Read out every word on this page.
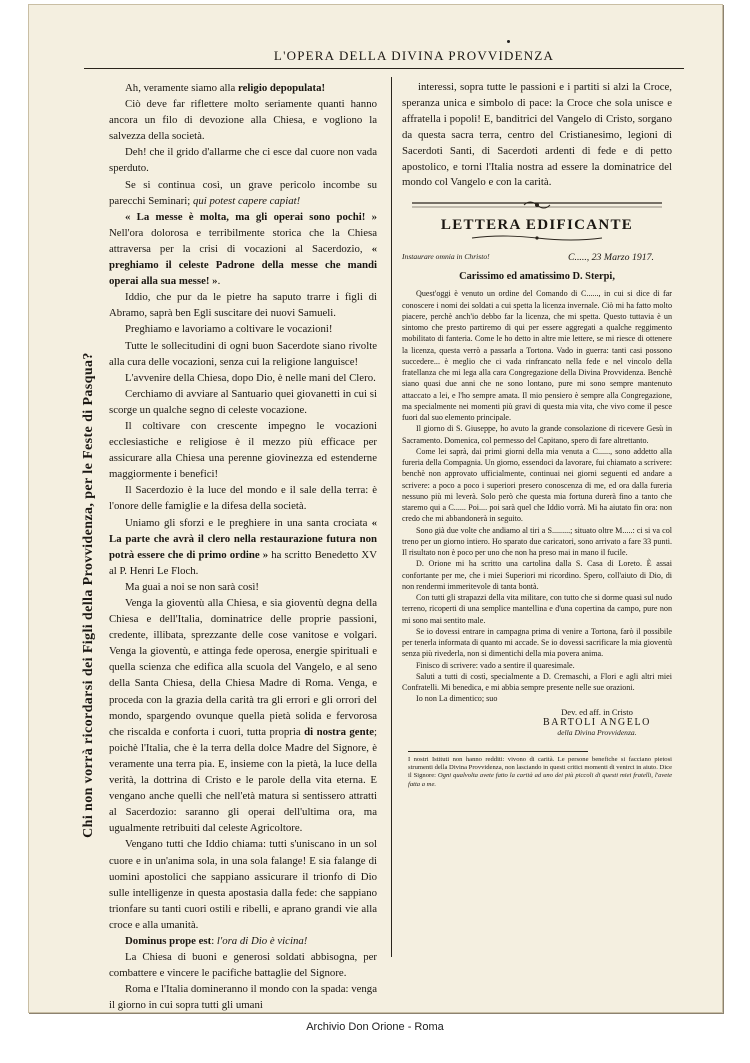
L'OPERA DELLA DIVINA PROVVIDENZA
Chi non vorrà ricordarsi dei Figli della Provvidenza, per le Feste di Pasqua?

Ah, veramente siamo alla religio depopulata!

Ciò deve far riflettere molto seriamente quanti hanno ancora un filo di devozione alla Chiesa, e vogliono la salvezza della società.

Deh! che il grido d'allarme che ci esce dal cuore non vada sperduto.

Se si continua così, un grave pericolo incombe su parecchi Seminari; qui potest capere capiat!

« La messe è molta, ma gli operai sono pochi! » Nell'ora dolorosa e terribilmente storica che la Chiesa attraversa per la crisi di vocazioni al Sacerdozio, « preghiamo il celeste Padrone della messe che mandi operai alla sua messe! ».

Iddio, che pur da le pietre ha saputo trarre i figli di Abramo, saprà ben Egli suscitare dei nuovi Samueli.

Preghiamo e lavoriamo a coltivare le vocazioni!

Tutte le sollecitudini di ogni buon Sacerdote siano rivolte alla cura delle vocazioni, senza cui la religione languisce!

L'avvenire della Chiesa, dopo Dio, è nelle mani del Clero.

Cerchiamo di avviare al Santuario quei giovanetti in cui si scorge un qualche segno di celeste vocazione.

Il coltivare con crescente impegno le vocazioni ecclesiastiche e religiose è il mezzo più efficace per assicurare alla Chiesa una perenne giovinezza ed estenderne maggiormente i benefici!

Il Sacerdozio è la luce del mondo e il sale della terra: è l'onore delle famiglie e la difesa della società.

Uniamo gli sforzi e le preghiere in una santa crociata « La parte che avrà il clero nella restaurazione futura non potrà essere che di primo ordine » ha scritto Benedetto XV al P. Henri Le Floch.

Ma guai a noi se non sarà così!

Venga la gioventù alla Chiesa, e sia gioventù degna della Chiesa e dell'Italia, dominatrice delle proprie passioni, credente, illibata, sprezzante delle cose vanitose e volgari. Venga la gioventù, e attinga fede operosa, energie spirituali e quella scienza che edifica alla scuola del Vangelo, e al seno della Santa Chiesa, della Chiesa Madre di Roma. Venga, e proceda con la grazia della carità tra gli errori e gli orrori del mondo, spargendo ovunque quella pietà solida e fervorosa che riscalda e conforta i cuori, tutta propria di nostra gente; poichè l'Italia, che è la terra della dolce Madre del Signore, è veramente una terra pia. E, insieme con la pietà, la luce della verità, la dottrina di Cristo e le parole della vita eterna. E vengano anche quelli che nell'età matura si sentissero attratti al Sacerdozio: saranno gli operai dell'ultima ora, ma ugualmente retribuiti dal celeste Agricoltore.

Vengano tutti che Iddio chiama: tutti s'uniscano in un sol cuore e in un'anima sola, in una sola falange! E sia falange di uomini apostolici che sappiano assicurare il trionfo di Dio sulle intelligenze in questa apostasia dalla fede: che sappiano trionfare su tanti cuori ostili e ribelli, e aprano grandi vie alla croce e alla umanità.

Dominus prope est: l'ora di Dio è vicina!

La Chiesa di buoni e generosi soldati abbisogna, per combattere e vincere le pacifiche battaglie del Signore.

Roma e l'Italia domineranno il mondo con la spada: venga il giorno in cui sopra tutti gli umani

interessi, sopra tutte le passioni e i partiti si alzi la Croce, speranza unica e simbolo di pace: la Croce che sola unisce e affratella i popoli! E, banditrici del Vangelo di Cristo, sorgano da questa sacra terra, centro del Cristianesimo, legioni di Sacerdoti Santi, di Sacerdoti ardenti di fede e di petto apostolico, e torni l'Italia nostra ad essere la dominatrice del mondo col Vangelo e con la carità.

LETTERA EDIFICANTE
Instaurare omnia in Christo!	C....., 23 Marzo 1917.
Carissimo ed amatissimo D. Sterpi,

Quest'oggi è venuto un ordine del Comando di C......, in cui si dice di far conoscere i nomi dei soldati a cui spetta la licenza invernale. Ciò mi ha fatto molto piacere, perchè anch'io debbo far la licenza, che mi spetta. Questo tuttavia è un sintomo che presto partiremo di qui per essere aggregati a qualche reggimento mobilitato di fanteria. Come le ho detto in altre mie lettere, se mi riesce di ottenere la licenza, questa verrò a passarla a Tortona. Vado in guerra: tanti casi possono succedere... è meglio che ci vada rinfrancato nella fede e nel vincolo della fratellanza che mi lega alla cara Congregazione della Divina Provvidenza. Benchè siano quasi due anni che ne sono lontano, pure mi sono sempre mantenuto attaccato a lei, e l'ho sempre amata. Il mio pensiero è sempre alla Congregazione, ma specialmente nei momenti più gravi di questa mia vita, che vivo come il pesce fuori dal suo elemento principale.

Il giorno di S. Giuseppe, ho avuto la grande consolazione di ricevere Gesù in Sacramento. Domenica, col permesso del Capitano, spero di fare altrettanto.

Come lei saprà, dai primi giorni della mia venuta a C......, sono addetto alla fureria della Compagnia. Un giorno, essendoci da lavorare, fui chiamato a scrivere: benchè non approvato ufficialmente, continuai nei giorni seguenti ed andare a scrivere: a poco a poco i superiori presero conoscenza di me, ed ora dalla fureria nessuno più mi leverà. Solo però che questa mia fortuna durerà fino a tanto che staremo qui a C...... Poi.... poi sarà quel che Iddio vorrà. Mi ha aiutato fin ora: non credo che mi abbandonerà in seguito.

Sono già due volte che andiamo al tiri a S.........; situato oltre M.....: ci si va col treno per un giorno intiero. Ho sparato due caricatori, sono arrivato a fare 33 punti. Il risultato non è poco per uno che non ha preso mai in mano il fucile.

D. Orione mi ha scritto una cartolina dalla S. Casa di Loreto. È assai confortante per me, che i miei Superiori mi ricordino. Spero, coll'aiuto di Dio, di non rendermi immeritevole di tanta bontà.

Con tutti gli strapazzi della vita militare, con tutto che si dorme quasi sul nudo terreno, ricoperti di una semplice mantellina e d'una copertina da campo, pure non mi sono mai sentito male.

Se io dovessi entrare in campagna prima di venire a Tortona, farò il possibile per tenerla informata di quanto mi accade. Se io dovessi sacrificare la mia gioventù senza più rivederla, non si dimentichi della mia povera anima.

Finisco di scrivere: vado a sentire il quaresimale.

Saluti a tutti di costì, specialmente a D. Cremaschi, a Flori e agli altri miei Confratelli. Mi benedica, e mi abbia sempre presente nelle sue orazioni.

Io non La dimentico; suo

Dev. ed aff. in Cristo
BARTOLI ANGELO
della Divina Provvidenza.
I nostri Istituti non hanno redditi: vivono di carità. Le persone benefiche si facciano pietosi strumenti della Divina Provvidenza, non lasciando in questi critici momenti di venirci in aiuto. Dice il Signore: Ogni qualvolta avete fatto la carità ad uno dei più piccoli di questi miei fratelli, l'avete fatta a me.
Archivio Don Orione - Roma
